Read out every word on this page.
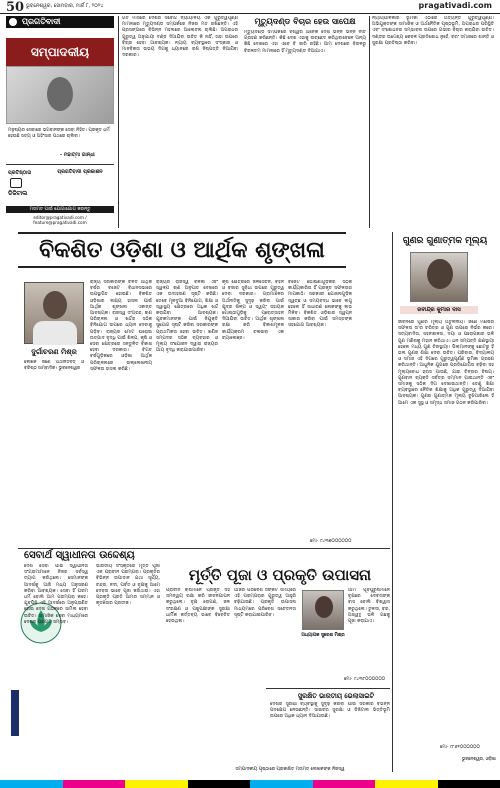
50 ଭୁବନେଶ୍ୱର, ସୋମବାର, ମାର୍ଚ୍ଚ ୮, ୨୦୨୪	pragativadi.com
ପ୍ରଗତିବାଦୀ
ସମ୍ପାଦକୀୟ
ମନୁଷ୍ୟର ସେବାରେ ଭଗବାନଙ୍କ ସେବା ନିହିତ। ପ୍ରକୃତ ଧର୍ମ ହେଉଛି ସତ୍ୟ ଓ ଅହିଂସାର ପଥରେ ଚାଲିବା।
- ମହାତ୍ମା ଗାନ୍ଧୀ
ପ୍ରତିଷ୍ଠାତା	ପ୍ରଗତିବାଦୀ ପ୍ରକାଶନ
ଡିଜିଟାଲ
ମତାମତ ପାଇଁ ଯୋଗାଯୋଗ କରନ୍ତୁ
editor@pragativadi.com / feature@pragativadi.com
ଗତ ମାସରେ ଦେଶର ସର୍ବୋଚ୍ଚ ନ୍ୟାୟାଳୟ ଏକ ଗୁରୁତ୍ୱପୂର୍ଣ୍ଣ ମାମଲାରେ ମୃତ୍ୟୁଦଣ୍ଡ ସମ୍ପର୍କରେ ନିଜର ମତ ରଖିଛନ୍ତି। ଏହି ପ୍ରସଙ୍ଗରେ ବିଭିନ୍ନ ମହଲରେ ଆଲୋଚନା ଚାଲିଛି। ଅପରାଧର ଗୁରୁତ୍ୱ ଅନୁଯାୟୀ ଦଣ୍ଡ ଦିଆଯିବା ଉଚିତ କି ନାହିଁ, ତାହା ଉପରେ ବିଚାର ହେବା ଆବଶ୍ୟକ। ନ୍ୟାୟ ବ୍ୟବସ୍ଥାରେ ସଂସ୍କାର ଓ ମାନବିକତା ଉଭୟ ଦିଗକୁ ଧ୍ୟାନରେ ରଖି ନିଷ୍ପତ୍ତି ନିଆଯିବା ଦରକାର।
ମୃତ୍ୟୁଦଣ୍ଡ ବିଚାର ହେଉ ସାପେକ୍ଷ
ମୃତ୍ୟୁଦଣ୍ଡ ସମ୍ପର୍କରେ ବିଶ୍ୱର ଅନେକ ଦେଶ ଭିନ୍ନ ଭିନ୍ନ ନୀତି ଗ୍ରହଣ କରିଛନ୍ତି। କିଛି ଦେଶ ଏହାକୁ ଉଚ୍ଛେଦ କରିଥିବାବେଳେ ଅନ୍ୟ କିଛି ଦେଶରେ ଏହା ଏବେ ବି ଜାରି ରହିଛି। ଆମ ଦେଶରେ ବିରଳରୁ ବିରଳତମ ମାମଲାରେ ହିଁ ମୃତ୍ୟୁଦଣ୍ଡ ଦିଆଯାଏ।
ନ୍ୟାୟପାଳିକାର ଭୂମିକା ଏଠାରେ ଅତ୍ୟନ୍ତ ଗୁରୁତ୍ୱପୂର୍ଣ୍ଣ। ଅଭିଯୁକ୍ତଙ୍କ ସାମାଜିକ ଓ ଅର୍ଥନୈତିକ ପୃଷ୍ଠଭୂମି, ଅପରାଧର ପରିସ୍ଥିତି ଏବଂ ସଂଶୋଧନର ସମ୍ଭାବନା ଉପରେ ଗଭୀର ବିଚାର କରାଯିବା ଉଚିତ। ଦଣ୍ଡର ଉଦ୍ଦେଶ୍ୟ କେବଳ ପ୍ରତିଶୋଧ ନୁହେଁ, ବରଂ ସମାଜରେ ଶାନ୍ତି ଓ ସୁରକ୍ଷା ପ୍ରତିଷ୍ଠା କରିବା।
ବିକଶିତ ଓଡ଼ିଶା ଓ ଆର୍ଥିକ ଶୃଙ୍ଖଳା
ଦୁର୍ଗାଚରଣ ମିଶ୍ର
ଲେଖକ ଜଣେ ଅର୍ଥନୀତିବିତ୍ ଓ ବରିଷ୍ଠ ସାମ୍ବାଦିକ। ଭୁବନେଶ୍ୱର
ରାଜ୍ୟ ସରକାରଙ୍କ ଚଳିତ ଆର୍ଥିକ ବର୍ଷର ବଜେଟ ବିଧାନସଭାରେ ଉପସ୍ଥାପିତ ହୋଇଛି। ବିକଶିତ ଓଡ଼ିଶାର ଲକ୍ଷ୍ୟ ହାସଲ ପାଇଁ ଆର୍ଥିକ ଶୃଙ୍ଖଳା ଏକାନ୍ତ ଆବଶ୍ୟକ। ରାଜସ୍ୱ ସଂଗ୍ରହ, ଋଣ ପରିଚାଳନା ଓ ଖର୍ଚ୍ଚର ସଠିକ ବିନିଯୋଗ ଉପରେ ଧ୍ୟାନ ଦେବାକୁ ପଡ଼ିବ। ରାଜ୍ୟର ମୋଟ ଘରୋଇ ଉତ୍ପାଦ ବୃଦ୍ଧି ପାଇଁ ଶିଳ୍ପ, କୃଷି ଓ ସେବା କ୍ଷେତ୍ରରେ ସନ୍ତୁଳିତ ବିକାଶ ହେବା ଦରକାର। ବିଗତ ବର୍ଷଗୁଡ଼ିକରେ ଓଡ଼ିଶା ଆର୍ଥିକ ପରିଚାଳନାରେ ଉଲ୍ଲେଖନୀୟ ସଫଳତା ହାସଲ କରିଛି।
ରାଜ୍ୟର ରାଜସ୍ୱ ବଳକା ଏବଂ ସ୍ୱଳ୍ପ ଋଣ ଅନୁପାତ ଦେଶରେ ଏକ ଉଦାହରଣ ସୃଷ୍ଟି କରିଛି। ତେବେ ମୂଳଦୁଆ ବିନିଯୋଗ, ଶିକ୍ଷା ଓ ସ୍ୱାସ୍ଥ୍ୟ କ୍ଷେତ୍ରରେ ଅଧିକ ଖର୍ଚ୍ଚ କରାଯିବା ଆବଶ୍ୟକ। ଯୁବକମାନଙ୍କ ପାଇଁ ନିଯୁକ୍ତି ସୁଯୋଗ ସୃଷ୍ଟି କରିବା ସରକାରଙ୍କ ପ୍ରାଥମିକତା ହେବା ଉଚିତ। ଖଣିଜ ସମ୍ପଦର ସଠିକ ବ୍ୟବହାର ଓ ମୂଲ୍ୟ ସଂଯୋଜନ ଦ୍ୱାରା ରାଜ୍ୟର ଆୟ ବୃଦ୍ଧି କରାଯାଇପାରିବ।
କୃଷି କ୍ଷେତ୍ରରେ ଜଳସେଚନ, ବିହନ ଓ ବଜାର ସୁବିଧା ଉପରେ ଗୁରୁତ୍ୱ ଦେବା ଦରକାର। ଗ୍ରାମାଞ୍ଚଳର ଅର୍ଥନୀତିକୁ ସୁଦୃଢ଼ କରିବା ପାଇଁ କ୍ଷୁଦ୍ର ଶିଳ୍ପ ଓ ସ୍ୱୟଂ ସହାୟକ ଗୋଷ୍ଠୀଗୁଡ଼ିକୁ ପ୍ରୋତ୍ସାହନ ଦିଆଯିବା ଉଚିତ। ଆର୍ଥିକ ଶୃଙ୍ଖଳା ରକ୍ଷା କରି ବିକାଶମୂଳକ କାର୍ଯ୍ୟକ୍ରମ ଚଳାଇବା ଏକ ଚ୍ୟାଲେଞ୍ଜ।
ବଜେଟ ଘୋଷଣାଗୁଡ଼ିକର ସଠିକ କାର୍ଯ୍ୟକାରିତା ହିଁ ପ୍ରକୃତ ସଫଳତାର ମାପକାଠି। ସରକାରୀ ଯୋଜନାଗୁଡ଼ିକ ସ୍ୱଚ୍ଛ ଓ ସମୟବଦ୍ଧ ଭାବେ ଲାଗୁ ହେଲେ ହିଁ ସାଧାରଣ ଲୋକଙ୍କୁ ଲାଭ ମିଳିବ। ବିକଶିତ ଓଡ଼ିଶାର ସ୍ୱପ୍ନ ସାକାର କରିବା ପାଇଁ ସମସ୍ତଙ୍କ ସହଯୋଗ ଆବଶ୍ୟକ।
ମୋ- ୯୪୩୭୦୦୦୦୦୦
ଗୁଣର ଗୁଣାତ୍ମକ ମୂଲ୍ୟ
ରବୀନ୍ଦ୍ର କୁମାର ଦାସ
ଜୀବନରେ ଗୁଣର ମୂଲ୍ୟ ଅତୁଳନୀୟ। ଜଣେ ମଣିଷର ସଫଳତା ତା'ର ଚରିତ୍ର ଓ ଗୁଣ ଉପରେ ନିର୍ଭର କରେ। ସତ୍ୟବାଦିତା, ସହନଶୀଳତା, ଦୟା ଓ ପରୋପକାର ଭଳି ଗୁଣ ମଣିଷକୁ ମହାନ କରିଥାଏ। ଧନ ସମ୍ପତ୍ତି କ୍ଷଣସ୍ଥାୟୀ ହେଲେ ମଧ୍ୟ ଗୁଣ ଚିରସ୍ଥାୟୀ। ପିଲାମାନଙ୍କୁ ଛୋଟରୁ ହିଁ ଭଲ ଗୁଣର ଶିକ୍ଷା ଦେବା ଉଚିତ। ପରିବାର, ବିଦ୍ୟାଳୟ ଓ ସମାଜ ଏହି ଦିଗରେ ଗୁରୁତ୍ୱପୂର୍ଣ୍ଣ ଭୂମିକା ଗ୍ରହଣ କରିଥାନ୍ତି। ଆଧୁନିକ ଯୁଗରେ ପ୍ରତିଯୋଗିତା ବଢ଼ିବା ସହ ମୂଲ୍ୟବୋଧ ହ୍ରାସ ପାଉଛି, ଯାହା ଚିନ୍ତାର ବିଷୟ। ଗୁଣବାନ ବ୍ୟକ୍ତି ସର୍ବତ୍ର ସମ୍ମାନ ପାଇଥାନ୍ତି ଏବଂ ସମାଜକୁ ସଠିକ ଦିଗ ଦେଖାଇଥାନ୍ତି। ତେଣୁ ଶିକ୍ଷା ବ୍ୟବସ୍ଥାରେ ନୈତିକ ଶିକ୍ଷାକୁ ଅଧିକ ଗୁରୁତ୍ୱ ଦିଆଯିବା ଆବଶ୍ୟକ। ଗୁଣର ଗୁଣାତ୍ମକ ମୂଲ୍ୟ ବୁଝିପାରିଲେ ହିଁ ଆମେ ଏକ ସୁସ୍ଥ ଓ ସମୃଦ୍ଧ ସମାଜ ଗଠନ କରିପାରିବା।
ମୋ- ୯୮୬୧୦୦୦୦୦୦
ସେବାର୍ଥ ସ୍ୱାଧୀନତା ଉଦ୍ଦେଶ୍ୟ
ଦେଶ ସେବା ପାଇଁ ସ୍ୱାଧୀନତା ସଂଗ୍ରାମୀମାନେ ନିଜର ସର୍ବସ୍ୱ ତ୍ୟାଗ କରିଥିଲେ। ସେମାନଙ୍କ ଆଦର୍ଶକୁ ଆଜି ମଧ୍ୟ ଅନୁସରଣ କରିବା ଆବଶ୍ୟକ। ସେବା ହିଁ ପରମ ଧର୍ମ ବୋଲି ଆମ ପରମ୍ପରା କହେ। ଯୁବପିଢ଼ି ଏହି ଆଦର୍ଶରେ ଅନୁପ୍ରାଣିତ ହୋଇ ଦେଶ ଗଠନରେ ସାମିଲ ହେବା ଉଚିତ। ସାମାଜିକ ସେବା ମାଧ୍ୟମରେ ଦେଶର ପ୍ରଗତି ସମ୍ଭବ।
ମୂର୍ତ୍ତି ପୂଜା ଓ ପ୍ରକୃତି ଉପାସନା
ଭାରତୀୟ ସଂସ୍କୃତିରେ ମୂର୍ତ୍ତି ପୂଜା ଏକ ପ୍ରାଚୀନ ପରମ୍ପରା। ପ୍ରକୃତିର ବିଭିନ୍ନ ଉପାଦାନ ଯଥା ସୂର୍ଯ୍ୟ, ଚନ୍ଦ୍ର, ନଦୀ, ପର୍ବତ ଓ ବୃକ୍ଷକୁ ଆମେ ଦେବତା ଭାବେ ପୂଜା କରିଥାଉ। ଏହା ପ୍ରକୃତି ପ୍ରତି ଆମର ସମ୍ମାନ ଓ କୃତଜ୍ଞତାର ପ୍ରତୀକ।
ପ୍ରାଚୀନ ଋଷିମାନେ ପ୍ରକୃତି ସହ ସମନ୍ୱୟ ରକ୍ଷା କରି ଜୀବନଯାପନ କରୁଥିଲେ। ବୃକ୍ଷ ରୋପଣ, ଜଳ ସଂରକ୍ଷଣ ଓ ପଶୁପକ୍ଷୀଙ୍କ ସୁରକ୍ଷା ଧାର୍ମିକ କର୍ତ୍ତବ୍ୟ ଭାବେ ବିବେଚିତ ହେଉଥିଲା।
ଆଜିର ପରିବେଶ ସଙ୍କଟ ସମୟରେ ଏହି ପରମ୍ପରାର ଗୁରୁତ୍ୱ ଆହୁରି ବଢ଼ିଯାଇଛି। ପ୍ରକୃତି ଉପାସନା ମାଧ୍ୟମରେ ପରିବେଶ ସଚେତନତା ସୃଷ୍ଟି କରାଯାଇପାରିବ।
ଅଧ୍ୟାପକ ସୁରେଶ ମିଶ୍ର
ଆମ ପୂର୍ବପୁରୁଷମାନେ ବୃକ୍ଷରେ ଦେବତାଙ୍କ ବାସ ବୋଲି ବିଶ୍ୱାସ କରୁଥିଲେ। ତୁଳସୀ, ବର, ଅଶ୍ୱତ୍ଥ ଭଳି ଗଛକୁ ପୂଜା କରାଯାଏ।
ମୋ- ୯୪୩୮୦୦୦୦୦୦
ସୁରକ୍ଷିତ ଭାରତୀୟ ଭେଲାସାଇଟି
ଦେଶର ସୁରକ୍ଷା ବ୍ୟବସ୍ଥାକୁ ସୁଦୃଢ଼ କରିବା ପାଇଁ ସରକାର ବିଭିନ୍ନ ପଦକ୍ଷେପ ନେଉଛନ୍ତି। ସାଇବର ସୁରକ୍ଷା ଓ ଡିଜିଟାଲ ଭିତ୍ତିଭୂମି ଉପରେ ଅଧିକ ଧ୍ୟାନ ଦିଆଯାଉଛି।
ସମ୍ପାଦକୀୟ ପୃଷ୍ଠାରେ ପ୍ରକାଶିତ ମତାମତ ଲେଖକଙ୍କ ନିଜସ୍ୱ
ଭୁବନେଶ୍ୱର, ଓଡ଼ିଶା
